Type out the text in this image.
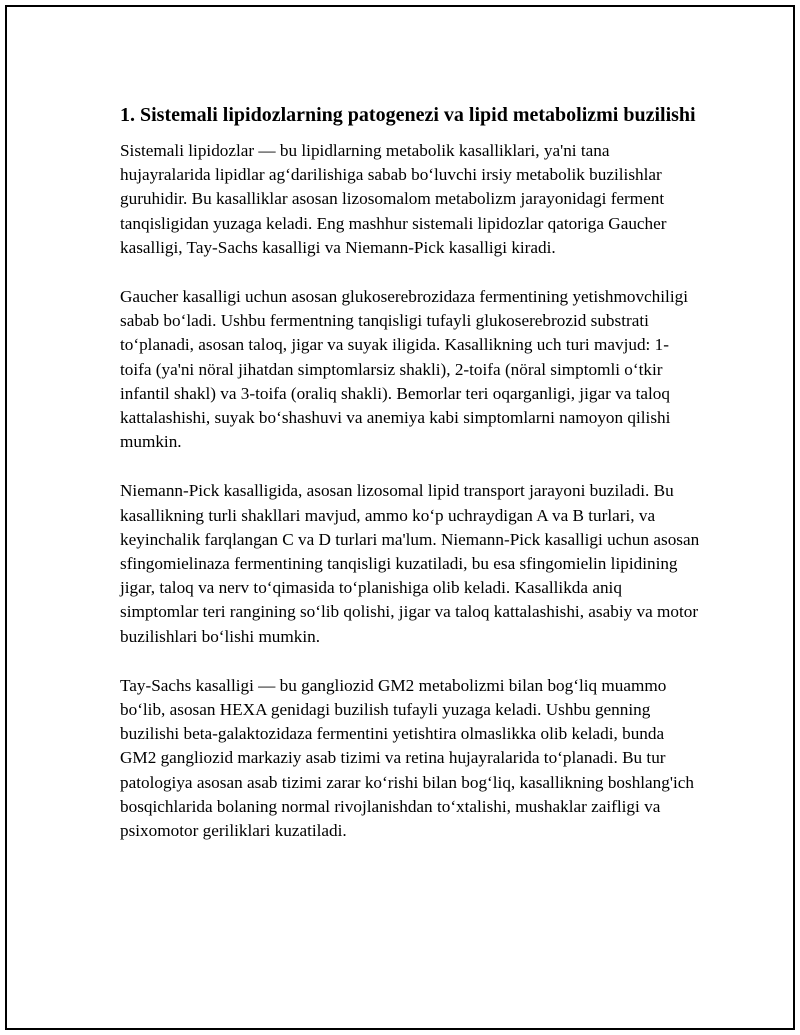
1. Sistemali lipidozlarning patogenezi va lipid metabolizmi buzilishi

Sistemali lipidozlar — bu lipidlarning metabolik kasalliklari, ya'ni tana hujayralarida lipidlar ag‘darilishiga sabab bo‘luvchi irsiy metabolik buzilishlar guruhidir. Bu kasalliklar asosan lizosomalom metabolizm jarayonidagi ferment tanqisligidan yuzaga keladi. Eng mashhur sistemali lipidozlar qatoriga Gaucher kasalligi, Tay-Sachs kasalligi va Niemann-Pick kasalligi kiradi.

Gaucher kasalligi uchun asosan glukoserebrozidaza fermentining yetishmovchiligi sabab bo‘ladi. Ushbu fermentning tanqisligi tufayli glukoserebrozid substrati to‘planadi, asosan taloq, jigar va suyak iligida. Kasallikning uch turi mavjud: 1-toifa (ya'ni nöral jihatdan simptomlarsiz shakli), 2-toifa (nöral simptomli o‘tkir infantil shakl) va 3-toifa (oraliq shakli). Bemorlar teri oqarganligi, jigar va taloq kattalashishi, suyak bo‘shashuvi va anemiya kabi simptomlarni namoyon qilishi mumkin.

Niemann-Pick kasalligida, asosan lizosomal lipid transport jarayoni buziladi. Bu kasallikning turli shakllari mavjud, ammo ko‘p uchraydigan A va B turlari, va keyinchalik farqlangan C va D turlari ma'lum. Niemann-Pick kasalligi uchun asosan sfingomielinaza fermentining tanqisligi kuzatiladi, bu esa sfingomielin lipidining jigar, taloq va nerv to‘qimasida to‘planishiga olib keladi. Kasallikda aniq simptomlar teri rangining so‘lib qolishi, jigar va taloq kattalashishi, asabiy va motor buzilishlari bo‘lishi mumkin.

Tay-Sachs kasalligi — bu gangliozid GM2 metabolizmi bilan bog‘liq muammo bo‘lib, asosan HEXA genidagi buzilish tufayli yuzaga keladi. Ushbu genning buzilishi beta-galaktozidaza fermentini yetishtira olmaslikka olib keladi, bunda GM2 gangliozid markaziy asab tizimi va retina hujayralarida to‘planadi. Bu tur patologiya asosan asab tizimi zarar ko‘rishi bilan bog‘liq, kasallikning boshlang'ich bosqichlarida bolaning normal rivojlanishdan to‘xtalishi, mushaklar zaifligi va psixomotor geriliklari kuzatiladi.
